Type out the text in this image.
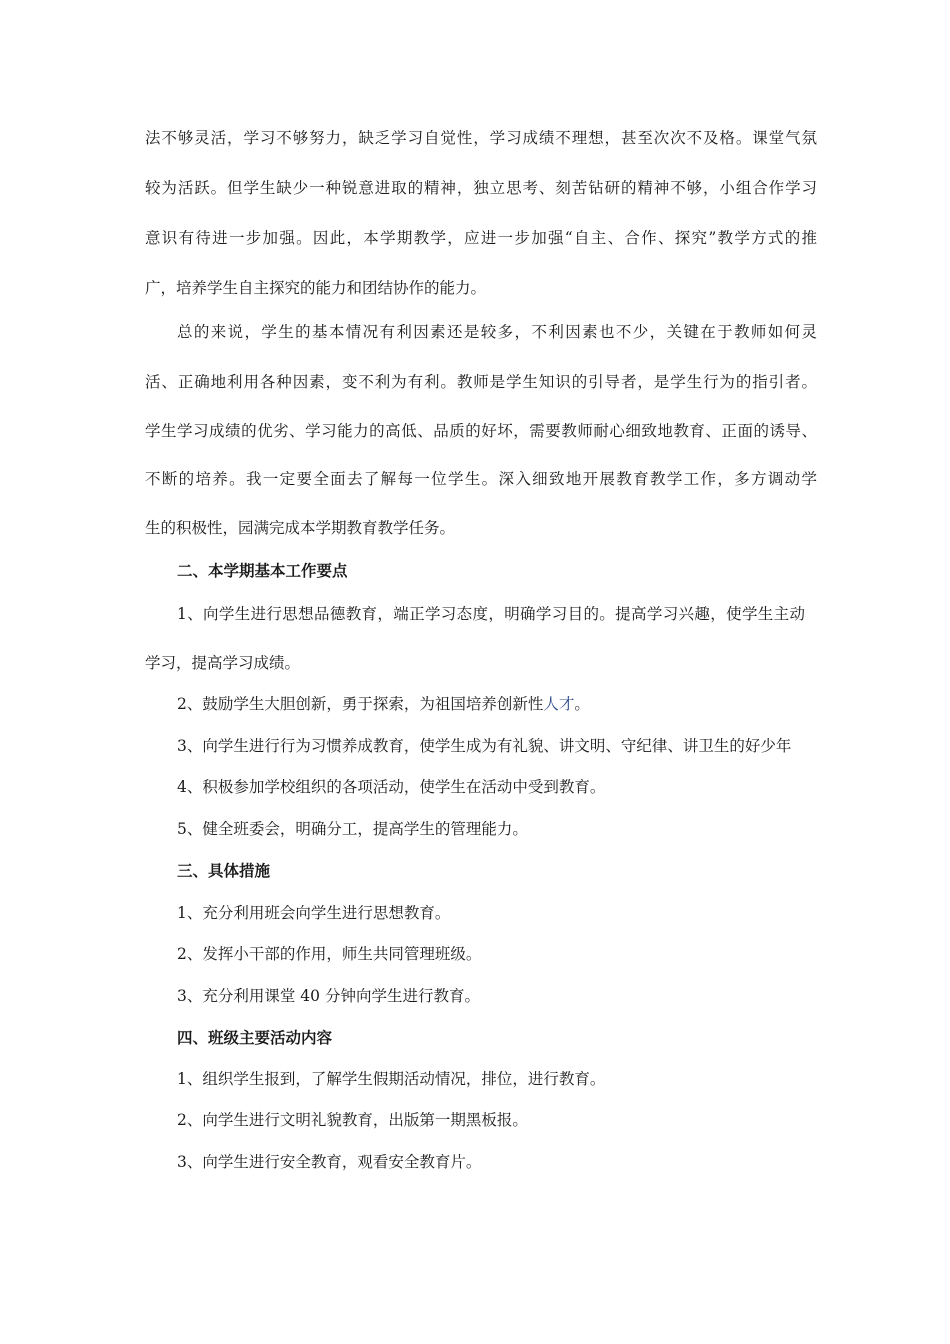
法不够灵活，学习不够努力，缺乏学习自觉性，学习成绩不理想，甚至次次不及格。课堂气氛
较为活跃。但学生缺少一种锐意进取的精神，独立思考、刻苦钻研的精神不够，小组合作学习
意识有待进一步加强。因此，本学期教学，应进一步加强“自主、合作、探究”教学方式的推
广，培养学生自主探究的能力和团结协作的能力。
总的来说，学生的基本情况有利因素还是较多，不利因素也不少，关键在于教师如何灵
活、正确地利用各种因素，变不利为有利。教师是学生知识的引导者，是学生行为的指引者。
学生学习成绩的优劣、学习能力的高低、品质的好坏，需要教师耐心细致地教育、正面的诱导、
不断的培养。我一定要全面去了解每一位学生。深入细致地开展教育教学工作，多方调动学
生的积极性，园满完成本学期教育教学任务。
二、本学期基本工作要点
1、向学生进行思想品德教育，端正学习态度，明确学习目的。提高学习兴趣，使学生主动
学习，提高学习成绩。
2、鼓励学生大胆创新，勇于探索，为祖国培养创新性人才。
3、向学生进行行为习惯养成教育，使学生成为有礼貌、讲文明、守纪律、讲卫生的好少年
4、积极参加学校组织的各项活动，使学生在活动中受到教育。
5、健全班委会，明确分工，提高学生的管理能力。
三、具体措施
1、充分利用班会向学生进行思想教育。
2、发挥小干部的作用，师生共同管理班级。
3、充分利用课堂 40 分钟向学生进行教育。
四、班级主要活动内容
1、组织学生报到，了解学生假期活动情况，排位，进行教育。
2、向学生进行文明礼貌教育，出版第一期黑板报。
3、向学生进行安全教育，观看安全教育片。
